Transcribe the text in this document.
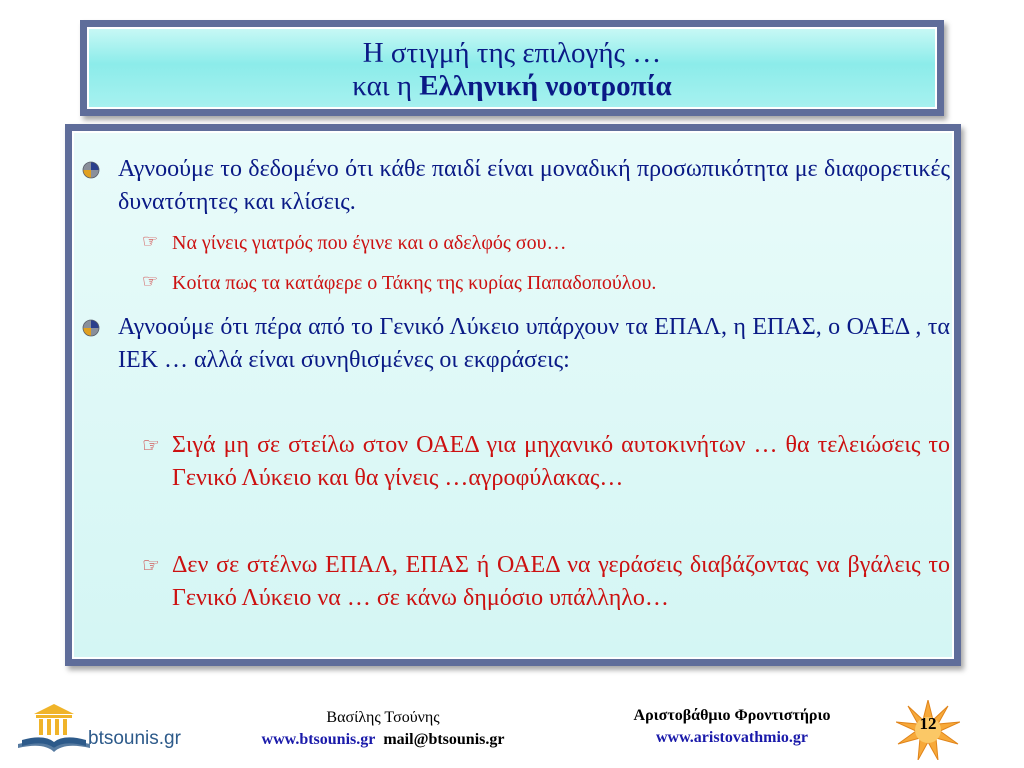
Η στιγμή της επιλογής …
και η Ελληνική νοοτροπία
Αγνοούμε το δεδομένο ότι κάθε παιδί είναι μοναδική προσωπικότητα με διαφορετικές δυνατότητες και κλίσεις.
☞ Να γίνεις γιατρός που έγινε και ο αδελφός σου…
☞ Κοίτα πως τα κατάφερε ο Τάκης της κυρίας Παπαδοπούλου.
Αγνοούμε ότι πέρα από το Γενικό Λύκειο υπάρχουν τα ΕΠΑΛ, η ΕΠΑΣ, ο ΟΑΕΔ , τα ΙΕΚ … αλλά είναι συνηθισμένες οι εκφράσεις:
☞ Σιγά μη σε στείλω στον ΟΑΕΔ για μηχανικό αυτοκινήτων … θα τελειώσεις το Γενικό Λύκειο και θα γίνεις …αγροφύλακας…
☞ Δεν σε στέλνω ΕΠΑΛ, ΕΠΑΣ ή ΟΑΕΔ να γεράσεις διαβάζοντας να βγάλεις το Γενικό Λύκειο να … σε κάνω δημόσιο υπάλληλο…
btsounis.gr
Βασίλης Τσούνης
www.btsounis.gr mail@btsounis.gr
Αριστοβάθμιο Φροντιστήριο
www.aristovathmio.gr
12
